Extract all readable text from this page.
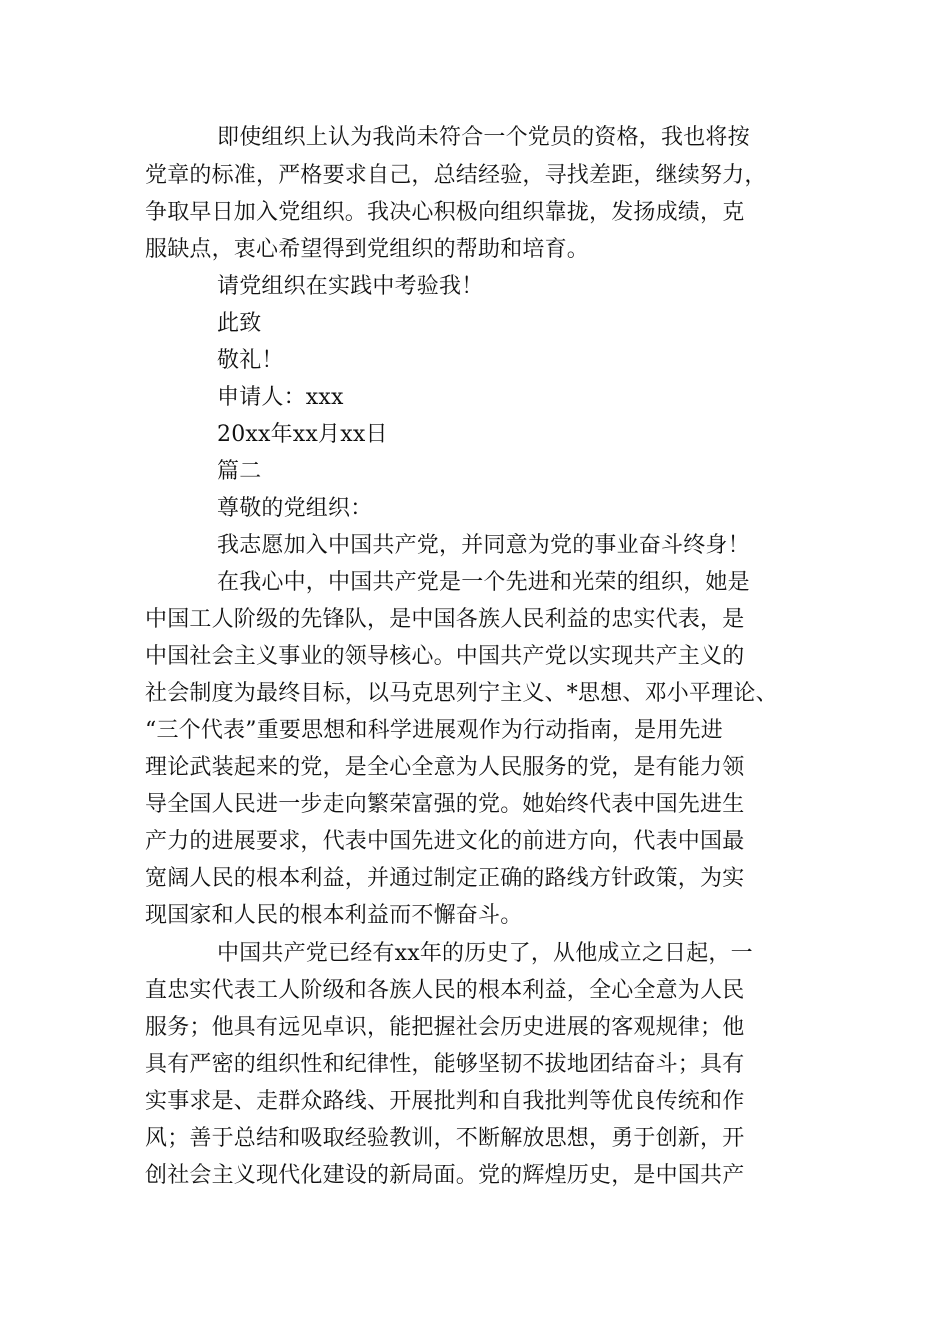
即使组织上认为我尚未符合一个党员的资格，我也将按
党章的标准，严格要求自己，总结经验，寻找差距，继续努力，
争取早日加入党组织。我决心积极向组织靠拢，发扬成绩，克
服缺点，衷心希望得到党组织的帮助和培育。
请党组织在实践中考验我！
此致
敬礼！
申请人：xxx
20xx年xx月xx日
篇二
尊敬的党组织：
我志愿加入中国共产党，并同意为党的事业奋斗终身！
在我心中，中国共产党是一个先进和光荣的组织，她是
中国工人阶级的先锋队，是中国各族人民利益的忠实代表，是
中国社会主义事业的领导核心。中国共产党以实现共产主义的
社会制度为最终目标，以马克思列宁主义、*思想、邓小平理论、
“三个代表”重要思想和科学进展观作为行动指南，是用先进
理论武装起来的党，是全心全意为人民服务的党，是有能力领
导全国人民进一步走向繁荣富强的党。她始终代表中国先进生
产力的进展要求，代表中国先进文化的前进方向，代表中国最
宽阔人民的根本利益，并通过制定正确的路线方针政策，为实
现国家和人民的根本利益而不懈奋斗。
中国共产党已经有xx年的历史了，从他成立之日起，一
直忠实代表工人阶级和各族人民的根本利益，全心全意为人民
服务；他具有远见卓识，能把握社会历史进展的客观规律；他
具有严密的组织性和纪律性，能够坚韧不拔地团结奋斗；具有
实事求是、走群众路线、开展批判和自我批判等优良传统和作
风；善于总结和吸取经验教训，不断解放思想，勇于创新，开
创社会主义现代化建设的新局面。党的辉煌历史，是中国共产
